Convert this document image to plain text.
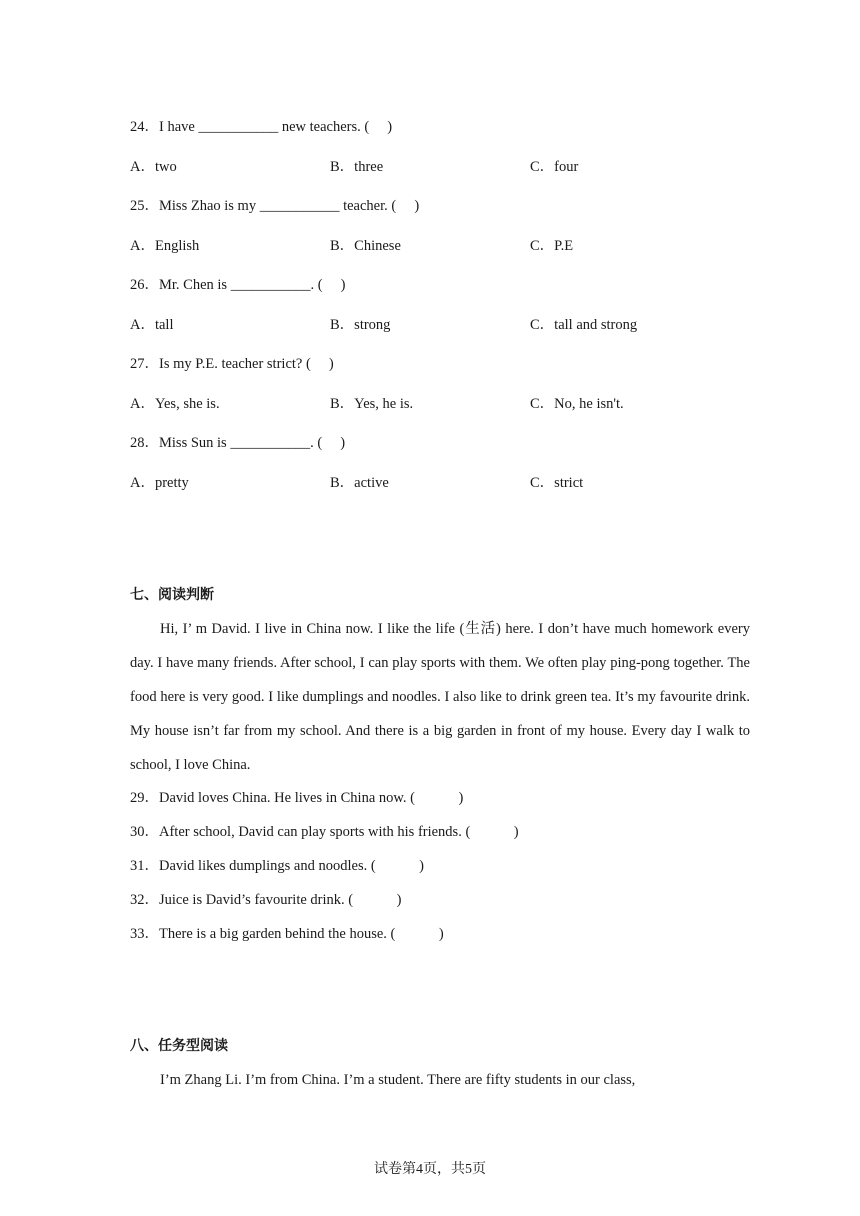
24．I have ___________ new teachers. (     )
A．two	B．three	C．four
25．Miss Zhao is my ___________ teacher. (     )
A．English	B．Chinese	C．P.E
26．Mr. Chen is ___________. (     )
A．tall	B．strong	C．tall and strong
27．Is my P.E. teacher strict? (     )
A．Yes, she is.	B．Yes, he is.	C．No, he isn't.
28．Miss Sun is ___________. (     )
A．pretty	B．active	C．strict
七、阅读判断
Hi, I’ m David. I live in China now. I like the life (生活) here. I don’t have much homework every day. I have many friends. After school, I can play sports with them. We often play ping-pong together. The food here is very good. I like dumplings and noodles. I also like to drink green tea. It’s my favourite drink. My house isn’t far from my school. And there is a big garden in front of my house. Every day I walk to school, I love China.
29．David loves China. He lives in China now. (            )
30．After school, David can play sports with his friends. (            )
31．David likes dumplings and noodles. (            )
32．Juice is David’s favourite drink. (            )
33．There is a big garden behind the house. (            )
八、任务型阅读
I’m Zhang Li. I’m from China. I’m a student. There are fifty students in our class,
试卷第4页，共5页
